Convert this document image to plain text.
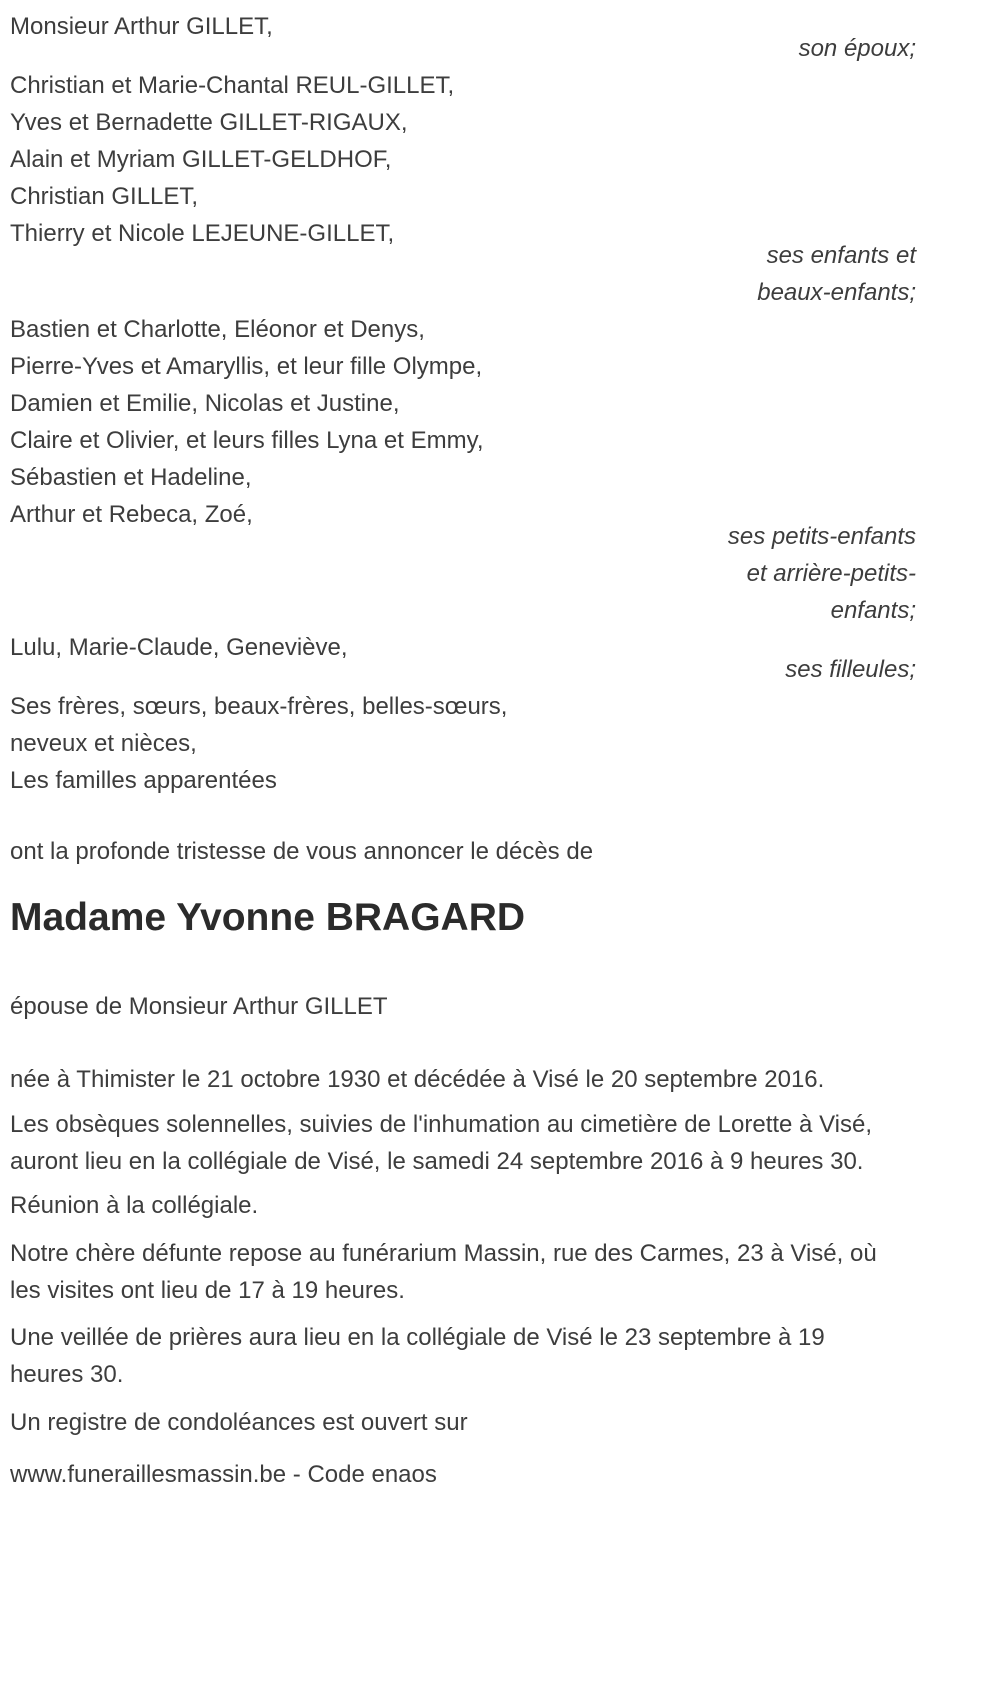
Monsieur Arthur GILLET,
son époux;
Christian et Marie-Chantal REUL-GILLET,
Yves et Bernadette GILLET-RIGAUX,
Alain et Myriam GILLET-GELDHOF,
Christian GILLET,
Thierry et Nicole LEJEUNE-GILLET,
ses enfants et
beaux-enfants;
Bastien et Charlotte, Eléonor et Denys,
Pierre-Yves et Amaryllis, et leur fille Olympe,
Damien et Emilie, Nicolas et Justine,
Claire et Olivier, et leurs filles Lyna et Emmy,
Sébastien et Hadeline,
Arthur et Rebeca, Zoé,
ses petits-enfants
et arrière-petits-
enfants;
Lulu, Marie-Claude, Geneviève,
ses filleules;
Ses frères, sœurs, beaux-frères, belles-sœurs,
neveux et nièces,
Les familles apparentées
ont la profonde tristesse de vous annoncer le décès de
Madame Yvonne BRAGARD
épouse de Monsieur Arthur GILLET

née à Thimister le 21 octobre 1930 et décédée à Visé le 20 septembre 2016.

Les obsèques solennelles, suivies de l'inhumation au cimetière de Lorette à Visé, auront lieu en la collégiale de Visé, le samedi 24 septembre 2016 à 9 heures 30.

Réunion à la collégiale.

Notre chère défunte repose au funérarium Massin, rue des Carmes, 23 à Visé, où les visites ont lieu de 17 à 19 heures.

Une veillée de prières aura lieu en la collégiale de Visé le 23 septembre à 19 heures 30.

Un registre de condoléances est ouvert sur

www.funeraillesmassin.be - Code enaos
